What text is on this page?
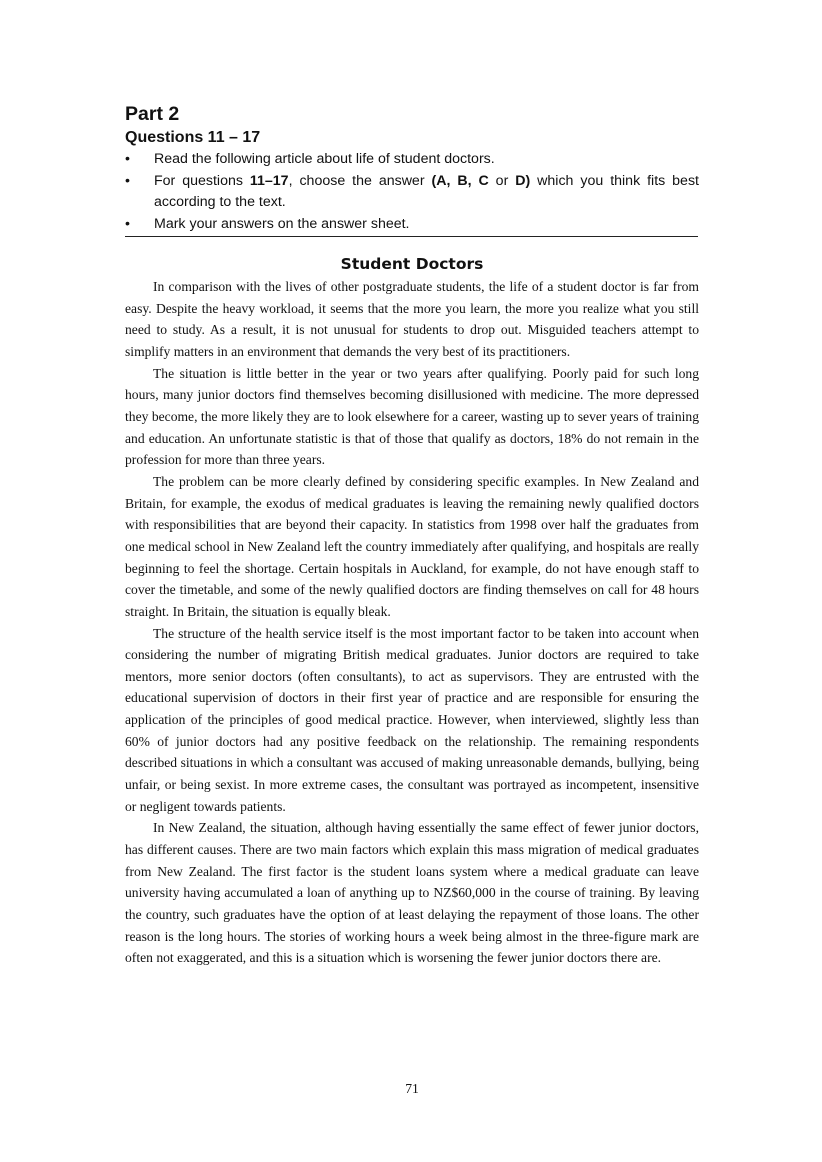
Part 2
Questions 11 – 17
• Read the following article about life of student doctors.
• For questions 11–17, choose the answer (A, B, C or D) which you think fits best according to the text.
• Mark your answers on the answer sheet.
Student Doctors

In comparison with the lives of other postgraduate students, the life of a student doctor is far from easy. Despite the heavy workload, it seems that the more you learn, the more you realize what you still need to study. As a result, it is not unusual for students to drop out. Misguided teachers attempt to simplify matters in an environment that demands the very best of its practitioners.

The situation is little better in the year or two years after qualifying. Poorly paid for such long hours, many junior doctors find themselves becoming disillusioned with medicine. The more depressed they become, the more likely they are to look elsewhere for a career, wasting up to sever years of training and education. An unfortunate statistic is that of those that qualify as doctors, 18% do not remain in the profession for more than three years.

The problem can be more clearly defined by considering specific examples. In New Zealand and Britain, for example, the exodus of medical graduates is leaving the remaining newly qualified doctors with responsibilities that are beyond their capacity. In statistics from 1998 over half the graduates from one medical school in New Zealand left the country immediately after qualifying, and hospitals are really beginning to feel the shortage. Certain hospitals in Auckland, for example, do not have enough staff to cover the timetable, and some of the newly qualified doctors are finding themselves on call for 48 hours straight. In Britain, the situation is equally bleak.

The structure of the health service itself is the most important factor to be taken into account when considering the number of migrating British medical graduates. Junior doctors are required to take mentors, more senior doctors (often consultants), to act as supervisors. They are entrusted with the educational supervision of doctors in their first year of practice and are responsible for ensuring the application of the principles of good medical practice. However, when interviewed, slightly less than 60% of junior doctors had any positive feedback on the relationship. The remaining respondents described situations in which a consultant was accused of making unreasonable demands, bullying, being unfair, or being sexist. In more extreme cases, the consultant was portrayed as incompetent, insensitive or negligent towards patients.

In New Zealand, the situation, although having essentially the same effect of fewer junior doctors, has different causes. There are two main factors which explain this mass migration of medical graduates from New Zealand. The first factor is the student loans system where a medical graduate can leave university having accumulated a loan of anything up to NZ$60,000 in the course of training. By leaving the country, such graduates have the option of at least delaying the repayment of those loans. The other reason is the long hours. The stories of working hours a week being almost in the three-figure mark are often not exaggerated, and this is a situation which is worsening the fewer junior doctors there are.

71
